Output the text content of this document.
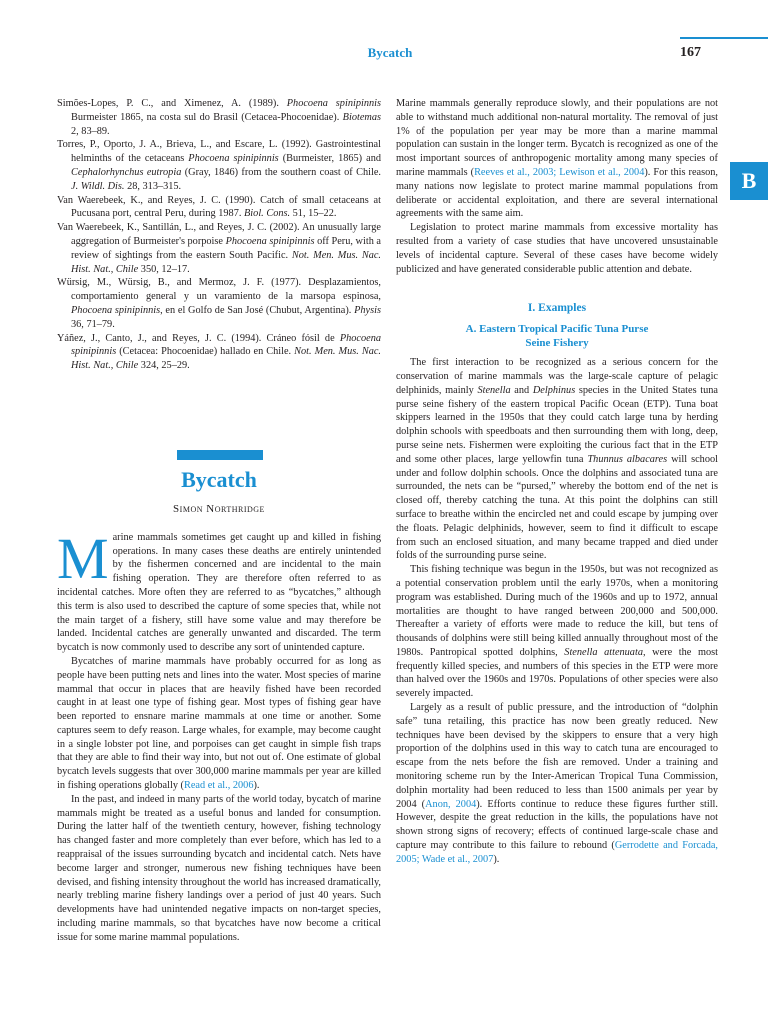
Bycatch	167
B

Simões-Lopes, P. C., and Ximenez, A. (1989). Phocoena spinipinnis Burmeister 1865, na costa sul do Brasil (Cetacea-Phocoenidae). Biotemas 2, 83–89.

Torres, P., Oporto, J. A., Brieva, L., and Escare, L. (1992). Gastrointestinal helminths of the cetaceans Phocoena spinipinnis (Burmeister, 1865) and Cephalorhynchus eutropia (Gray, 1846) from the southern coast of Chile. J. Wildl. Dis. 28, 313–315.

Van Waerebeek, K., and Reyes, J. C. (1990). Catch of small cetaceans at Pucusana port, central Peru, during 1987. Biol. Cons. 51, 15–22.

Van Waerebeek, K., Santillán, L., and Reyes, J. C. (2002). An unusually large aggregation of Burmeister's porpoise Phocoena spinipinnis off Peru, with a review of sightings from the eastern South Pacific. Not. Men. Mus. Nac. Hist. Nat., Chile 350, 12–17.

Würsig, M., Würsig, B., and Mermoz, J. F. (1977). Desplazamientos, comportamiento general y un varamiento de la marsopa espinosa, Phocoena spinipinnis, en el Golfo de San José (Chubut, Argentina). Physis 36, 71–79.

Yáñez, J., Canto, J., and Reyes, J. C. (1994). Cráneo fósil de Phocoena spinipinnis (Cetacea: Phocoenidae) hallado en Chile. Not. Men. Mus. Nac. Hist. Nat., Chile 324, 25–29.

Bycatch
Simon Northridge

Marine mammals sometimes get caught up and killed in fishing operations. In many cases these deaths are entirely unintended by the fishermen concerned and are incidental to the main fishing operation. They are therefore often referred to as incidental catches. More often they are referred to as “bycatches,” although this term is also used to described the capture of some species that, while not the main target of a fishery, still have some value and may therefore be landed. Incidental catches are generally unwanted and discarded. The term bycatch is now commonly used to describe any sort of unintended capture.

Bycatches of marine mammals have probably occurred for as long as people have been putting nets and lines into the water. Most species of marine mammal that occur in places that are heavily fished have been recorded caught in at least one type of fishing gear. Most types of fishing gear have been reported to ensnare marine mammals at one time or another. Some captures seem to defy reason. Large whales, for example, may become caught in a single lobster pot line, and porpoises can get caught in simple fish traps that they are able to find their way into, but not out of. One estimate of global bycatch levels suggests that over 300,000 marine mammals per year are killed in fishing operations globally (Read et al., 2006).

In the past, and indeed in many parts of the world today, bycatch of marine mammals might be treated as a useful bonus and landed for consumption. During the latter half of the twentieth century, however, fishing technology has changed faster and more completely than ever before, which has led to a reappraisal of the issues surrounding bycatch and incidental catch. Nets have become larger and stronger, numerous new fishing techniques have been devised, and fishing intensity throughout the world has increased dramatically, nearly trebling marine fishery landings over a period of just 40 years. Such developments have had unintended negative impacts on non-target species, including marine mammals, so that bycatches have now become a critical issue for some marine mammal populations.

Marine mammals generally reproduce slowly, and their populations are not able to withstand much additional non-natural mortality. The removal of just 1% of the population per year may be more than a marine mammal population can sustain in the longer term. Bycatch is recognized as one of the most important sources of anthropogenic mortality among many species of marine mammals (Reeves et al., 2003; Lewison et al., 2004). For this reason, many nations now legislate to protect marine mammal populations from deliberate or accidental exploitation, and there are several international agreements with the same aim.

Legislation to protect marine mammals from excessive mortality has resulted from a variety of case studies that have uncovered unsustainable levels of incidental capture. Several of these cases have become widely publicized and have generated considerable public attention and debate.

I. Examples
A. Eastern Tropical Pacific Tuna Purse
Seine Fishery

The first interaction to be recognized as a serious concern for the conservation of marine mammals was the large-scale capture of pelagic delphinids, mainly Stenella and Delphinus species in the United States tuna purse seine fishery of the eastern tropical Pacific Ocean (ETP). Tuna boat skippers learned in the 1950s that they could catch large tuna by herding dolphin schools with speedboats and then surrounding them with long, deep, purse seine nets. Fishermen were exploiting the curious fact that in the ETP and some other places, large yellowfin tuna Thunnus albacares will school under and follow dolphin schools. Once the dolphins and associated tuna are surrounded, the nets can be “pursed,” whereby the bottom end of the net is closed off, thereby catching the tuna. At this point the dolphins can still surface to breathe within the encircled net and could escape by jumping over the floats. Pelagic delphinids, however, seem to find it difficult to escape from such an enclosed situation, and many became trapped and died under folds of the surrounding purse seine.

This fishing technique was begun in the 1950s, but was not recognized as a potential conservation problem until the early 1970s, when a monitoring program was established. During much of the 1960s and up to 1972, annual mortalities are thought to have ranged between 200,000 and 500,000. Thereafter a variety of efforts were made to reduce the kill, but tens of thousands of dolphins were still being killed annually throughout most of the 1980s. Pantropical spotted dolphins, Stenella attenuata, were the most frequently killed species, and numbers of this species in the ETP were more than halved over the 1960s and 1970s. Populations of other species were also severely impacted.

Largely as a result of public pressure, and the introduction of “dolphin safe” tuna retailing, this practice has now been greatly reduced. New techniques have been devised by the skippers to ensure that a very high proportion of the dolphins used in this way to catch tuna are encouraged to escape from the nets before the fish are removed. Under a training and monitoring scheme run by the Inter-American Tropical Tuna Commission, dolphin mortality had been reduced to less than 1500 animals per year by 2004 (Anon, 2004). Efforts continue to reduce these figures further still. However, despite the great reduction in the kills, the populations have not shown strong signs of recovery; effects of continued large-scale chase and capture may contribute to this failure to rebound (Gerrodette and Forcada, 2005; Wade et al., 2007).
